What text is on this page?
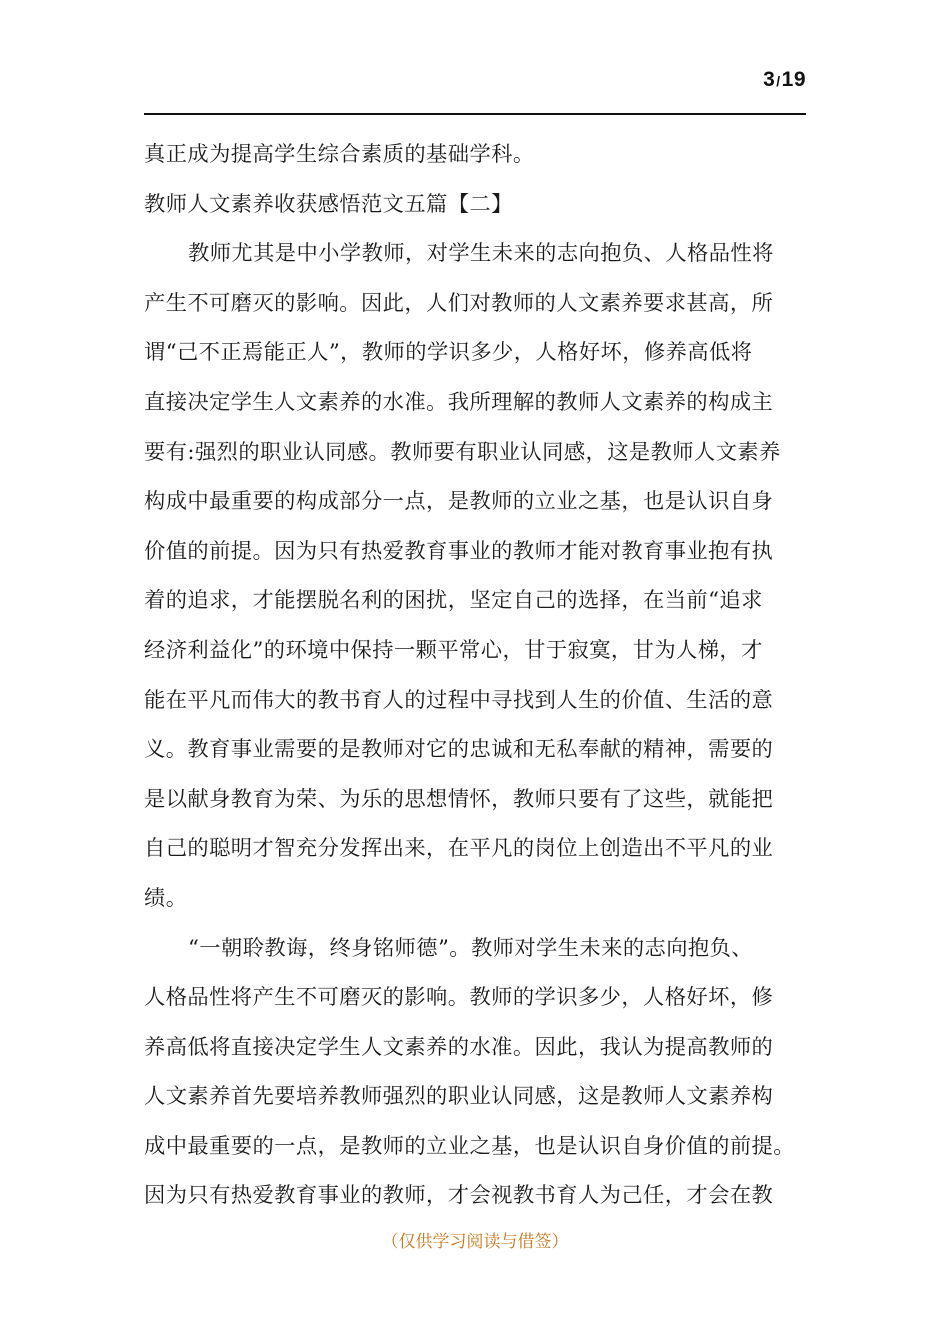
3/19
真正成为提高学生综合素质的基础学科。
教师人文素养收获感悟范文五篇【二】
教师尤其是中小学教师，对学生未来的志向抱负、人格品性将
产生不可磨灭的影响。因此，人们对教师的人文素养要求甚高，所
谓“己不正焉能正人”，教师的学识多少，人格好坏，修养高低将
直接决定学生人文素养的水准。我所理解的教师人文素养的构成主
要有:强烈的职业认同感。教师要有职业认同感，这是教师人文素养
构成中最重要的构成部分一点，是教师的立业之基，也是认识自身
价值的前提。因为只有热爱教育事业的教师才能对教育事业抱有执
着的追求，才能摆脱名利的困扰，坚定自己的选择，在当前“追求
经济利益化”的环境中保持一颗平常心，甘于寂寞，甘为人梯，才
能在平凡而伟大的教书育人的过程中寻找到人生的价值、生活的意
义。教育事业需要的是教师对它的忠诚和无私奉献的精神，需要的
是以献身教育为荣、为乐的思想情怀，教师只要有了这些，就能把
自己的聪明才智充分发挥出来，在平凡的岗位上创造出不平凡的业
绩。
“一朝聆教诲，终身铭师德”。教师对学生未来的志向抱负、
人格品性将产生不可磨灭的影响。教师的学识多少，人格好坏，修
养高低将直接决定学生人文素养的水准。因此，我认为提高教师的
人文素养首先要培养教师强烈的职业认同感，这是教师人文素养构
成中最重要的一点，是教师的立业之基，也是认识自身价值的前提。
因为只有热爱教育事业的教师，才会视教书育人为己任，才会在教
（仅供学习阅读与借签）
